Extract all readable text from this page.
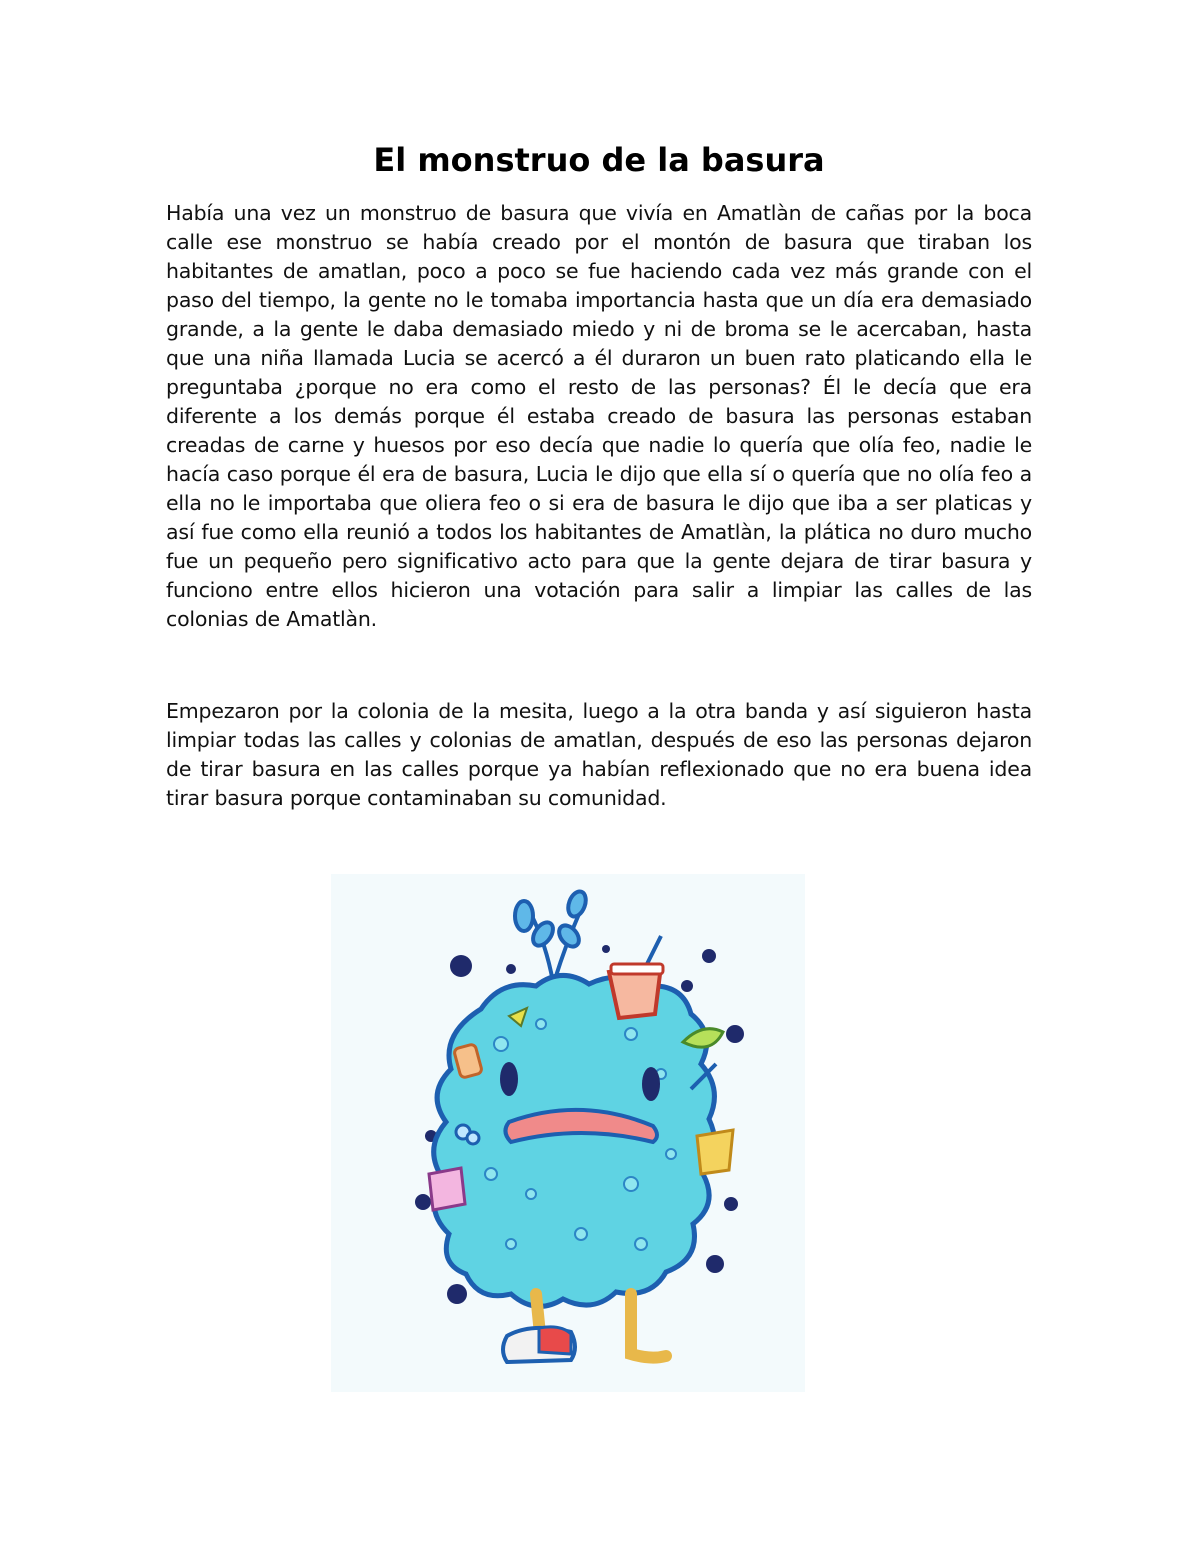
El monstruo de la basura

Había una vez un monstruo de basura que vivía en Amatlàn de cañas por la boca calle ese monstruo se había creado por el montón de basura que tiraban los habitantes de amatlan, poco a poco se fue haciendo cada vez más grande con el paso del tiempo, la gente no le tomaba importancia hasta que un día era demasiado grande, a la gente le daba demasiado miedo y ni de broma se le acercaban, hasta que una niña llamada Lucia se acercó a él duraron un buen rato platicando ella le preguntaba ¿porque no era como el resto de las personas? Él le decía que era diferente a los demás porque él estaba creado de basura las personas estaban creadas de carne y huesos por eso decía que nadie lo quería que olía feo, nadie le hacía caso porque él era de basura, Lucia le dijo que ella sí o quería que no olía feo a ella no le importaba que oliera feo o si era de basura le dijo que iba a ser platicas y así fue como ella reunió a todos los habitantes de Amatlàn, la plática no duro mucho fue un pequeño pero significativo acto para que la gente dejara de tirar basura y funciono entre ellos hicieron una votación para salir a limpiar las calles de las colonias de Amatlàn.

Empezaron por la colonia de la mesita, luego a la otra banda y así siguieron hasta limpiar todas las calles y colonias de amatlan, después de eso las personas dejaron de tirar basura en las calles porque ya habían reflexionado que no era buena idea tirar basura porque contaminaban su comunidad.
